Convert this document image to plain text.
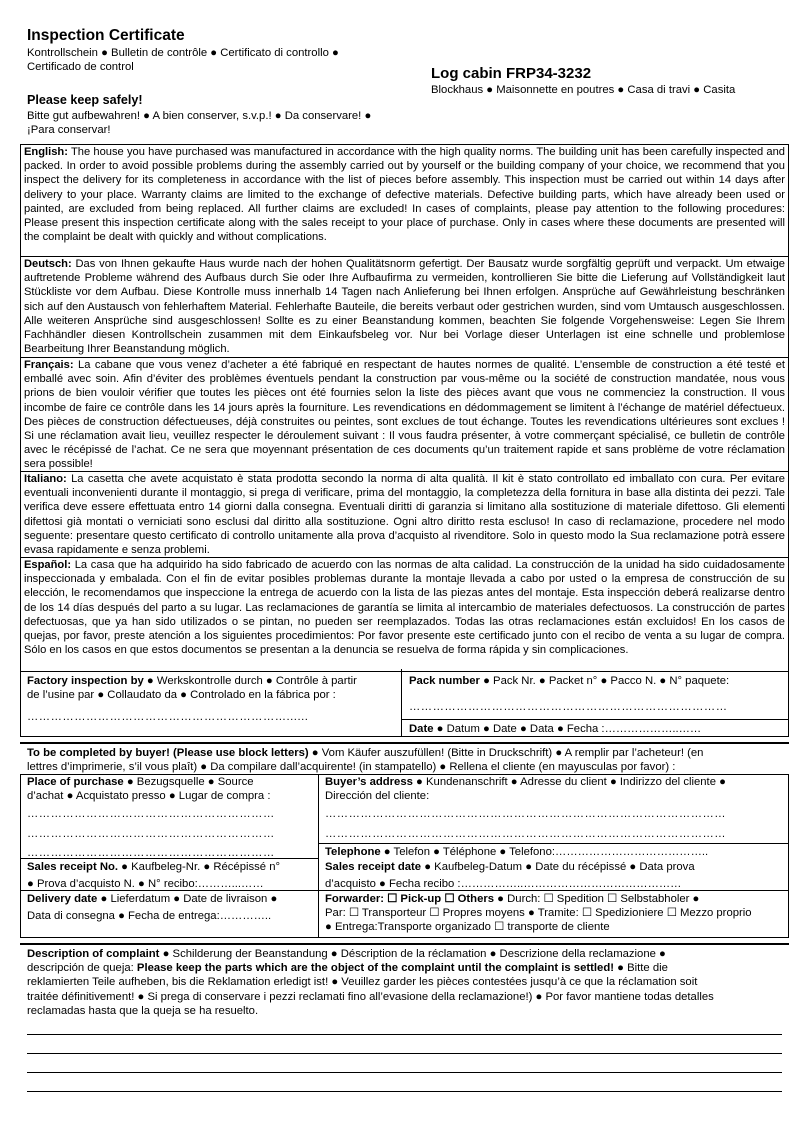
Inspection Certificate
Kontrollschein ● Bulletin de contrôle ● Certificato di controllo ●
Certificado de control
Please keep safely!
Bitte gut aufbewahren! ● A bien conserver, s.v.p.! ● Da conservare! ●
¡Para conservar!
Log cabin FRP34-3232
Blockhaus ● Maisonnette en poutres ● Casa di travi ● Casita
English: The house you have purchased was manufactured in accordance with the high quality norms. The building unit has been carefully inspected and packed. In order to avoid possible problems during the assembly carried out by yourself or the building company of your choice, we recommend that you inspect the delivery for its completeness in accordance with the list of pieces before assembly. This inspection must be carried out within 14 days after delivery to your place. Warranty claims are limited to the exchange of defective materials. Defective building parts, which have already been used or painted, are excluded from being replaced. All further claims are excluded! In cases of complaints, please pay attention to the following procedures: Please present this inspection certificate along with the sales receipt to your place of purchase. Only in cases where these documents are presented will the complaint be dealt with quickly and without complications.
Deutsch: Das von Ihnen gekaufte Haus wurde nach der hohen Qualitätsnorm gefertigt. Der Bausatz wurde sorgfältig geprüft und verpackt. Um etwaige auftretende Probleme während des Aufbaus durch Sie oder Ihre Aufbaufirma zu vermeiden, kontrollieren Sie bitte die Lieferung auf Vollständigkeit laut Stückliste vor dem Aufbau. Diese Kontrolle muss innerhalb 14 Tagen nach Anlieferung bei Ihnen erfolgen. Ansprüche auf Gewährleistung beschränken sich auf den Austausch von fehlerhaftem Material. Fehlerhafte Bauteile, die bereits verbaut oder gestrichen wurden, sind vom Umtausch ausgeschlossen. Alle weiteren Ansprüche sind ausgeschlossen! Sollte es zu einer Beanstandung kommen, beachten Sie folgende Vorgehensweise: Legen Sie Ihrem Fachhändler diesen Kontrollschein zusammen mit dem Einkaufsbeleg vor. Nur bei Vorlage dieser Unterlagen ist eine schnelle und problemlose Bearbeitung Ihrer Beanstandung möglich.
Français: La cabane que vous venez d’acheter a été fabriqué en respectant de hautes normes de qualité. L’ensemble de construction a été testé et emballé avec soin. Afin d’éviter des problèmes éventuels pendant la construction par vous-même ou la société de construction mandatée, nous vous prions de bien vouloir vérifier que toutes les pièces ont été fournies selon la liste des pièces avant que vous ne commenciez la construction. Il vous incombe de faire ce contrôle dans les 14 jours après la fourniture. Les revendications en dédommagement se limitent à l’échange de matériel défectueux. Des pièces de construction défectueuses, déjà construites ou peintes, sont exclues de tout échange. Toutes les revendications ultérieures sont exclues ! Si une réclamation avait lieu, veuillez respecter le déroulement suivant : Il vous faudra présenter, à votre commerçant spécialisé, ce bulletin de contrôle avec le récépissé de l’achat. Ce ne sera que moyennant présentation de ces documents qu’un traitement rapide et sans problème de votre réclamation sera possible!
Italiano: La casetta che avete acquistato è stata prodotta secondo la norma di alta qualità. Il kit è stato controllato ed imballato con cura. Per evitare eventuali inconvenienti durante il montaggio, si prega di verificare, prima del montaggio, la completezza della fornitura in base alla distinta dei pezzi. Tale verifica deve essere effettuata entro 14 giorni dalla consegna. Eventuali diritti di garanzia si limitano alla sostituzione di materiale difettoso. Gli elementi difettosi già montati o verniciati sono esclusi dal diritto alla sostituzione. Ogni altro diritto resta escluso! In caso di reclamazione, procedere nel modo seguente: presentare questo certificato di controllo unitamente alla prova d’acquisto al rivenditore. Solo in questo modo la Sua reclamazione potrà essere evasa rapidamente e senza problemi.
Español: La casa que ha adquirido ha sido fabricado de acuerdo con las normas de alta calidad. La construcción de la unidad ha sido cuidadosamente inspeccionada y embalada. Con el fin de evitar posibles problemas durante la montaje llevada a cabo por usted o la empresa de construcción de su elección, le recomendamos que inspeccione la entrega de acuerdo con la lista de las piezas antes del montaje. Esta inspección deberá realizarse dentro de los 14 días después del parto a su lugar. Las reclamaciones de garantía se limita al intercambio de materiales defectuosos. La construcción de partes defectuosas, que ya han sido utilizados o se pintan, no pueden ser reemplazados. Todas las otras reclamaciones están excluidos! En los casos de quejas, por favor, preste atención a los siguientes procedimientos: Por favor presente este certificado junto con el recibo de venta a su lugar de compra. Sólo en los casos en que estos documentos se presentan a la denuncia se resuelva de forma rápida y sin complicaciones.
Factory inspection by ● Werkskontrolle durch ● Contrôle à partir
de l’usine par ● Collaudato da ● Controlado en la fábrica por :
…………………………………………………………......
Pack number ● Pack Nr. ● Packet n° ● Pacco N. ● N° paquete:
………………………………………………………………………
Date ● Datum ● Date ● Data ● Fecha :………………..……
To be completed by buyer! (Please use block letters) ● Vom Käufer auszufüllen! (Bitte in Druckschrift) ● A remplir par l’acheteur! (en
lettres d’imprimerie, s’il vous plaît) ● Da compilare dall’acquirente! (in stampatello) ● Rellena el cliente (en mayusculas por favor) :
Place of purchase ● Bezugsquelle ● Source
d’achat ● Acquistato presso ● Lugar de compra :
………………………………………………………
………………………………………………………
………………………………………………………
Buyer’s address ● Kundenanschrift ● Adresse du client ● Indirizzo del cliente ●
Dirección del cliente:
…………………………………………………………………………………………
…………………………………………………………………………………………
Telephone ● Telefon ● Téléphone ● Telefono:…………………………………..
Sales receipt No. ● Kaufbeleg-Nr. ● Récépissé n°
● Prova d’acquisto N. ● N° recibo:………...……
Sales receipt date ● Kaufbeleg-Datum ● Date du récépissé ● Data prova
d’acquisto ● Fecha recibo :……………..……………………………………
Delivery date ● Lieferdatum ● Date de livraison ●
Data di consegna ● Fecha de entrega:…………..
Forwarder: ☐ Pick-up ☐ Others ● Durch: ☐ Spedition ☐ Selbstabholer ●
Par: ☐ Transporteur ☐ Propres moyens ● Tramite: ☐ Spedizioniere ☐ Mezzo proprio
● Entrega:Transporte organizado ☐ transporte de cliente
Description of complaint ● Schilderung der Beanstandung ● Déscription de la réclamation ● Descrizione della reclamazione ●
descripción de queja: Please keep the parts which are the object of the complaint until the complaint is settled! ● Bitte die
reklamierten Teile aufheben, bis die Reklamation erledigt ist! ● Veuillez garder les pièces contestées jusqu’à ce que la réclamation soit
traitée définitivement! ● Si prega di conservare i pezzi reclamati fino all’evasione della reclamazione!) ● Por favor mantiene todas detalles
reclamadas hasta que la queja se ha resuelto.
